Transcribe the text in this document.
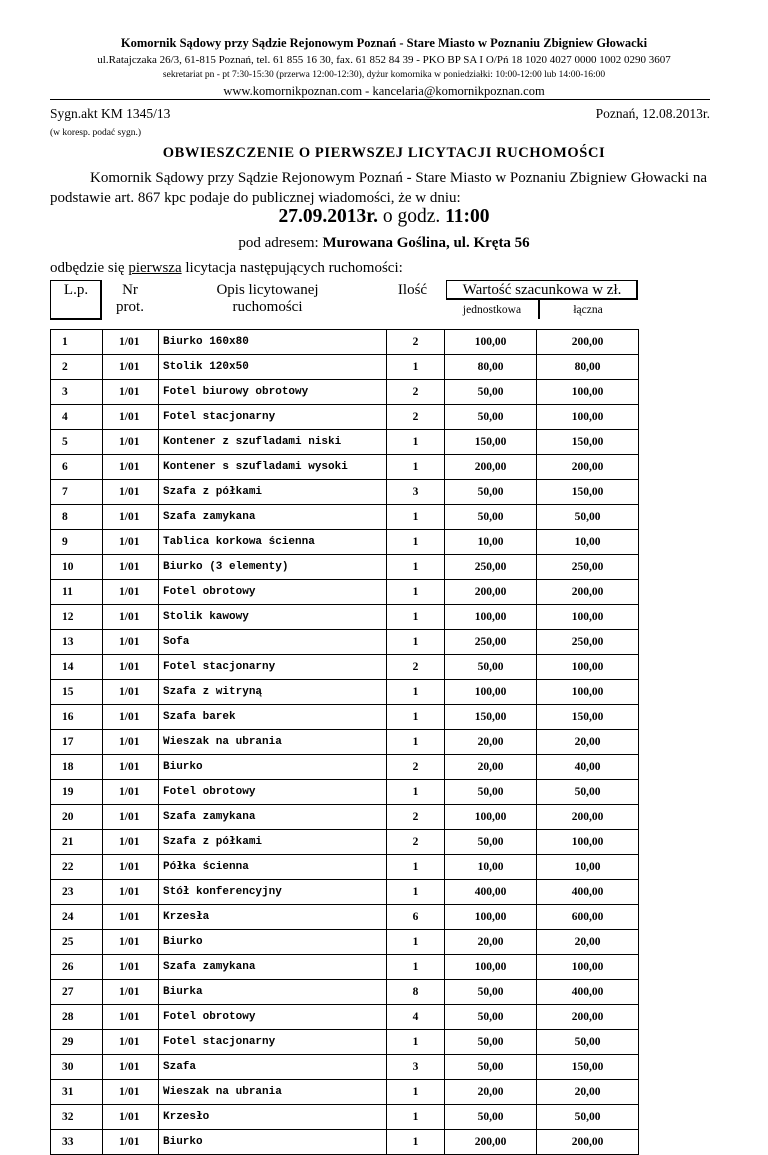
Komornik Sądowy przy Sądzie Rejonowym Poznań - Stare Miasto w Poznaniu Zbigniew Głowacki
ul.Ratajczaka 26/3, 61-815 Poznań, tel. 61 855 16 30, fax. 61 852 84 39 - PKO BP SA I O/Pń 18 1020 4027 0000 1002 0290 3607
sekretariat pn - pt 7:30-15:30 (przerwa 12:00-12:30), dyżur komornika w poniedziałki: 10:00-12:00 lub 14:00-16:00
www.komornikpoznan.com - kancelaria@komornikpoznan.com
Sygn.akt KM 1345/13	Poznań, 12.08.2013r.
(w koresp. podać sygn.)
OBWIESZCZENIE O PIERWSZEJ LICYTACJI RUCHOMOŚCI
Komornik Sądowy przy Sądzie Rejonowym Poznań - Stare Miasto w Poznaniu Zbigniew Głowacki na podstawie art. 867 kpc podaje do publicznej wiadomości, że w dniu:
27.09.2013r. o godz. 11:00
pod adresem: Murowana Goślina, ul. Kręta 56
odbędzie się pierwsza licytacja następujących ruchomości:
L.p.	Nr
prot.
Opis licytowanej
ruchomości
Ilość	Wartość szacunkowa w zł.
jednostkowa	łączna
1	1/01	Biurko 160x80	2	100,00	200,00
2	1/01	Stolik 120x50	1	80,00	80,00
3	1/01	Fotel biurowy obrotowy	2	50,00	100,00
4	1/01	Fotel stacjonarny	2	50,00	100,00
5	1/01	Kontener z szufladami niski	1	150,00	150,00
6	1/01	Kontener s szufladami wysoki	1	200,00	200,00
7	1/01	Szafa z półkami	3	50,00	150,00
8	1/01	Szafa zamykana	1	50,00	50,00
9	1/01	Tablica korkowa ścienna	1	10,00	10,00
10	1/01	Biurko (3 elementy)	1	250,00	250,00
11	1/01	Fotel obrotowy	1	200,00	200,00
12	1/01	Stolik kawowy	1	100,00	100,00
13	1/01	Sofa	1	250,00	250,00
14	1/01	Fotel stacjonarny	2	50,00	100,00
15	1/01	Szafa z witryną	1	100,00	100,00
16	1/01	Szafa barek	1	150,00	150,00
17	1/01	Wieszak na ubrania	1	20,00	20,00
18	1/01	Biurko	2	20,00	40,00
19	1/01	Fotel obrotowy	1	50,00	50,00
20	1/01	Szafa zamykana	2	100,00	200,00
21	1/01	Szafa z półkami	2	50,00	100,00
22	1/01	Półka ścienna	1	10,00	10,00
23	1/01	Stół konferencyjny	1	400,00	400,00
24	1/01	Krzesła	6	100,00	600,00
25	1/01	Biurko	1	20,00	20,00
26	1/01	Szafa zamykana	1	100,00	100,00
27	1/01	Biurka	8	50,00	400,00
28	1/01	Fotel obrotowy	4	50,00	200,00
29	1/01	Fotel stacjonarny	1	50,00	50,00
30	1/01	Szafa	3	50,00	150,00
31	1/01	Wieszak na ubrania	1	20,00	20,00
32	1/01	Krzesło	1	50,00	50,00
33	1/01	Biurko	1	200,00	200,00
